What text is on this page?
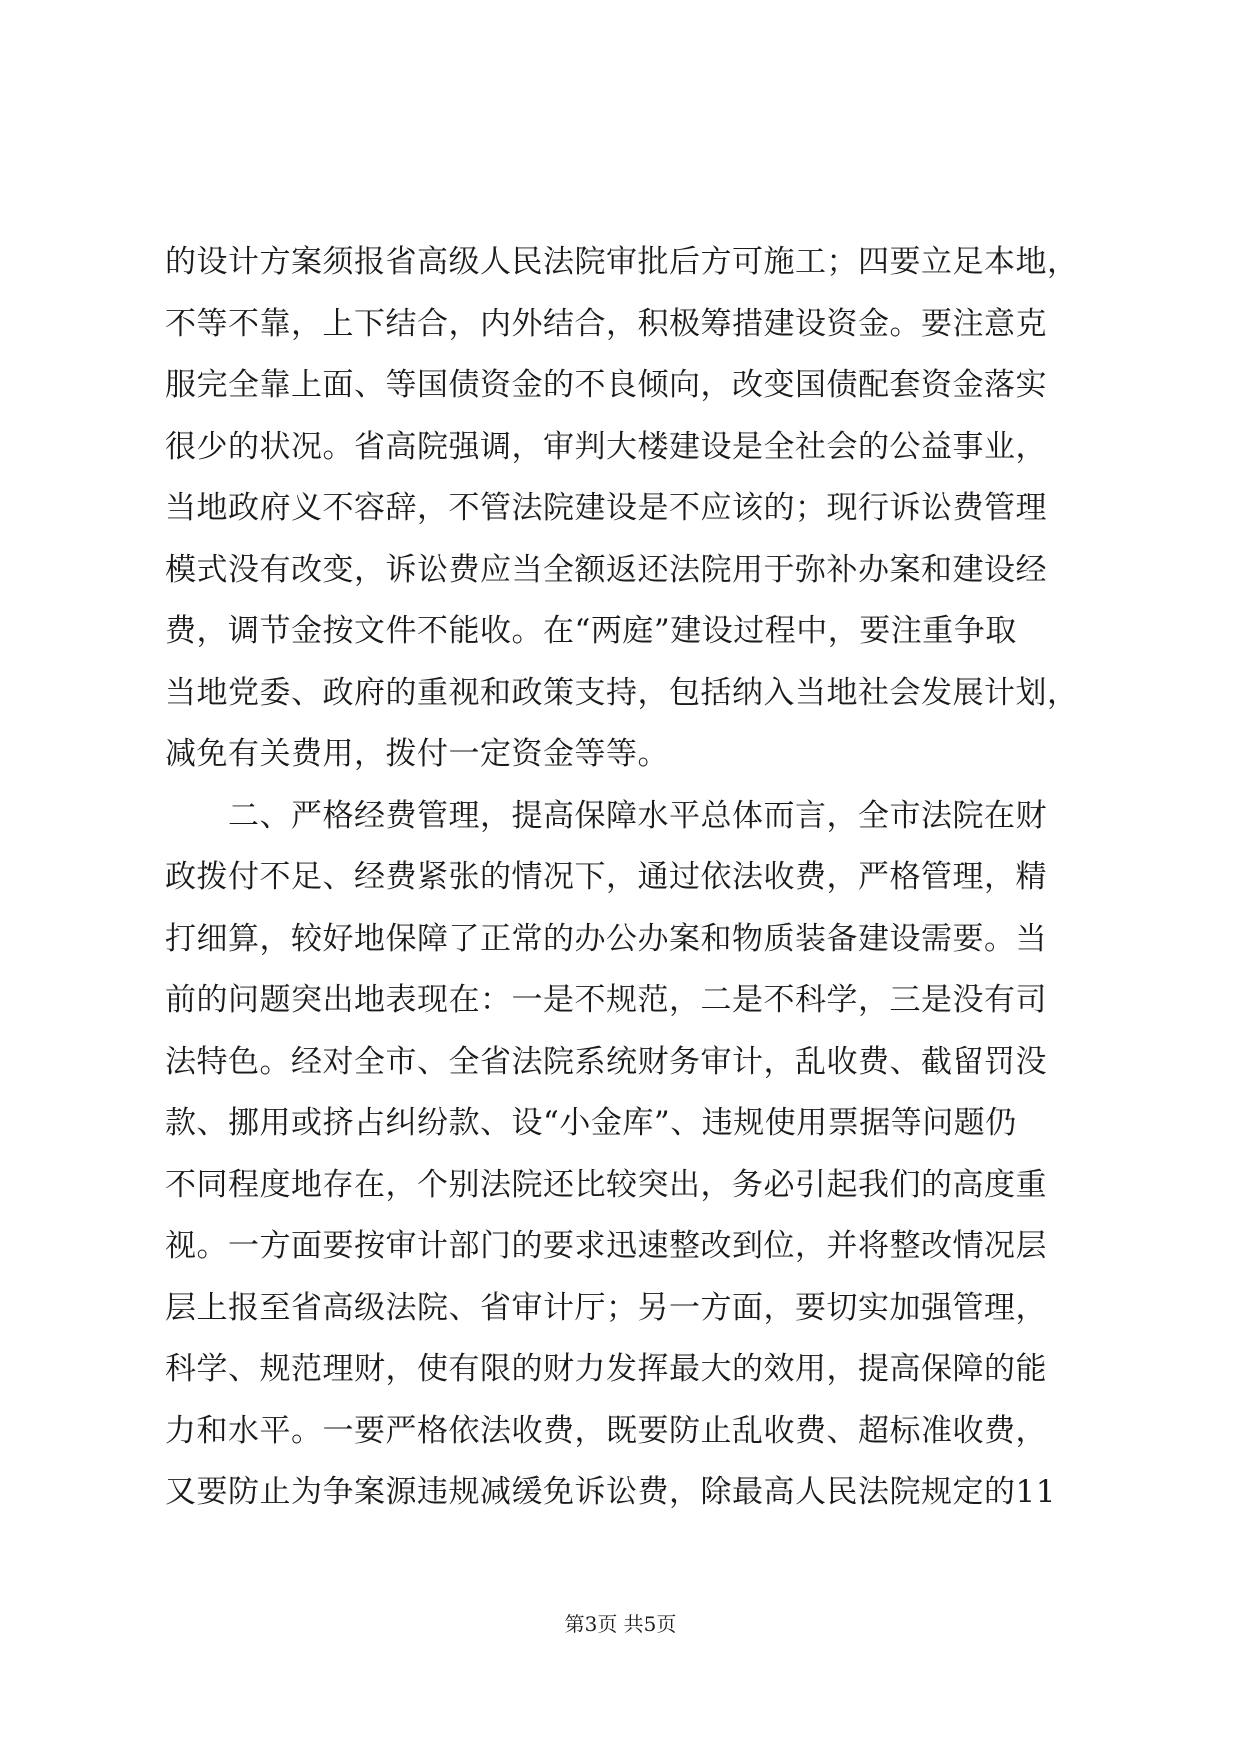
的设计方案须报省高级人民法院审批后方可施工；四要立足本地，
不等不靠，上下结合，内外结合，积极筹措建设资金。要注意克
服完全靠上面、等国债资金的不良倾向，改变国债配套资金落实
很少的状况。省高院强调，审判大楼建设是全社会的公益事业，
当地政府义不容辞，不管法院建设是不应该的；现行诉讼费管理
模式没有改变，诉讼费应当全额返还法院用于弥补办案和建设经
费，调节金按文件不能收。在“两庭”建设过程中，要注重争取
当地党委、政府的重视和政策支持，包括纳入当地社会发展计划，
减免有关费用，拨付一定资金等等。
　　二、严格经费管理，提高保障水平总体而言，全市法院在财
政拨付不足、经费紧张的情况下，通过依法收费，严格管理，精
打细算，较好地保障了正常的办公办案和物质装备建设需要。当
前的问题突出地表现在：一是不规范，二是不科学，三是没有司
法特色。经对全市、全省法院系统财务审计，乱收费、截留罚没
款、挪用或挤占纠纷款、设“小金库”、违规使用票据等问题仍
不同程度地存在，个别法院还比较突出，务必引起我们的高度重
视。一方面要按审计部门的要求迅速整改到位，并将整改情况层
层上报至省高级法院、省审计厅；另一方面，要切实加强管理，
科学、规范理财，使有限的财力发挥最大的效用，提高保障的能
力和水平。一要严格依法收费，既要防止乱收费、超标准收费，
又要防止为争案源违规减缓免诉讼费，除最高人民法院规定的11
第3页 共5页
